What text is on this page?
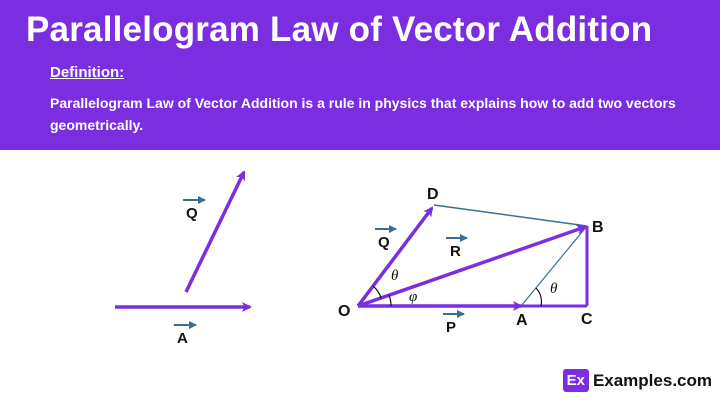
Parallelogram Law of Vector Addition
Definition:
Parallelogram Law of Vector Addition is a rule in physics that explains how to add two vectors geometrically.
Q
A
O
A
B
C
D
Q
R
P
θ
φ	θ
Ex Examples.com
